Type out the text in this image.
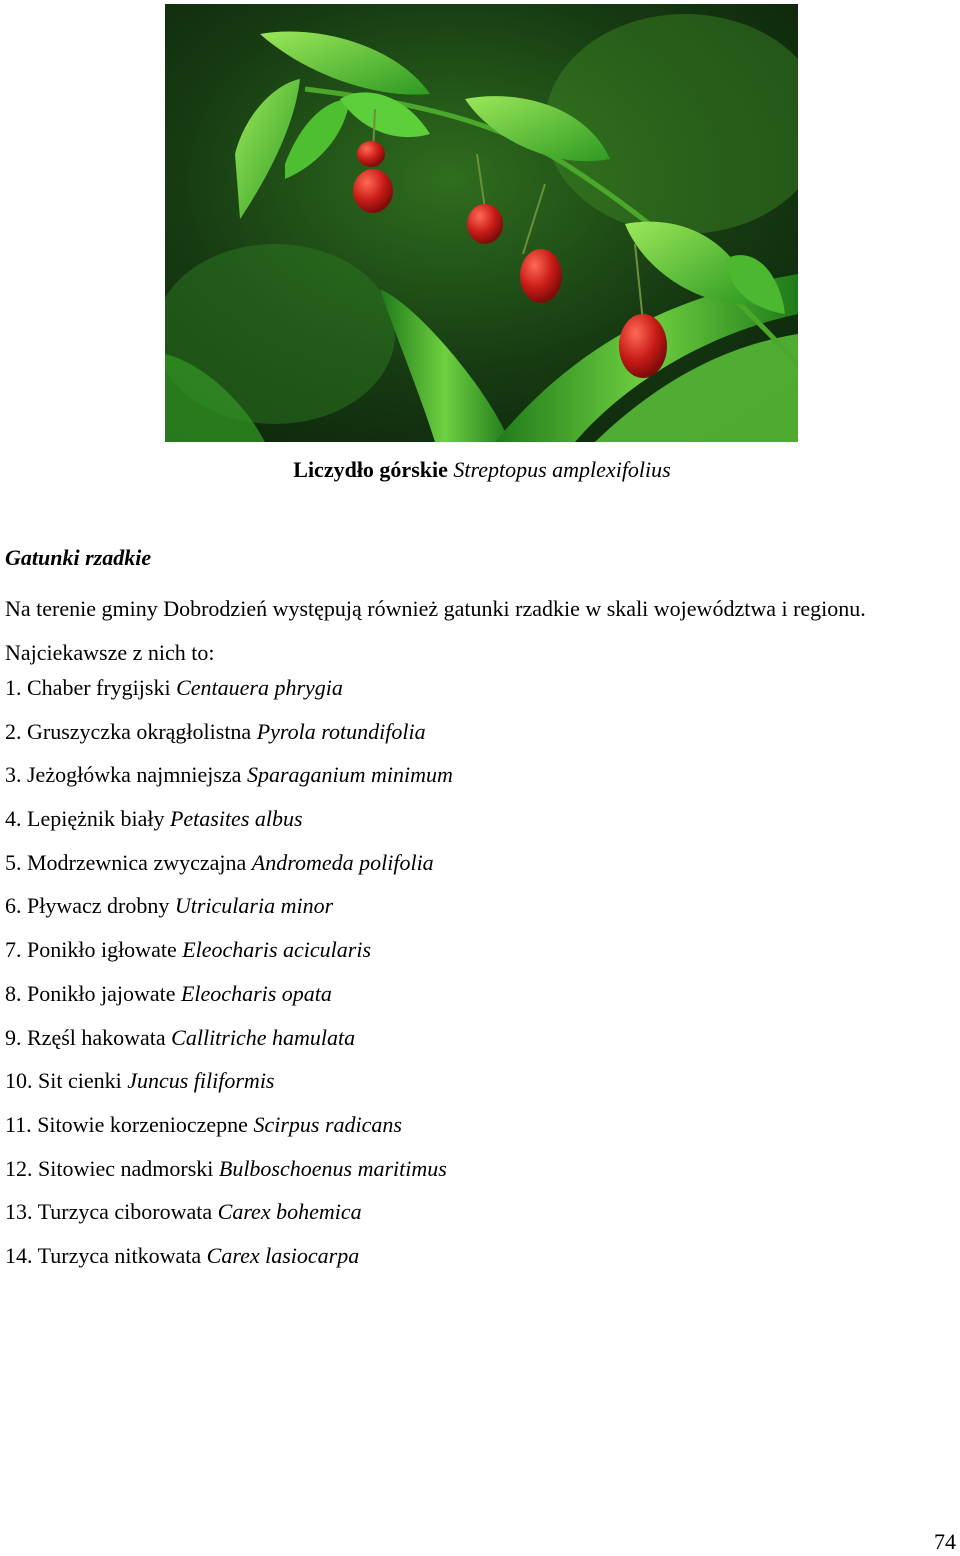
Liczydło górskie Streptopus amplexifolius
Gatunki rzadkie
Na terenie gminy Dobrodzień występują również gatunki rzadkie w skali województwa i regionu. Najciekawsze z nich to:
1. Chaber frygijski Centauera phrygia
2. Gruszyczka okrągłolistna Pyrola rotundifolia
3. Jeżogłówka najmniejsza Sparaganium minimum
4. Lepiężnik biały Petasites albus
5. Modrzewnica zwyczajna Andromeda polifolia
6. Pływacz drobny Utricularia minor
7. Ponikło igłowate Eleocharis acicularis
8. Ponikło jajowate Eleocharis opata
9. Rzęśl hakowata Callitriche hamulata
10. Sit cienki Juncus filiformis
11. Sitowie korzenioczepne Scirpus radicans
12. Sitowiec nadmorski Bulboschoenus maritimus
13. Turzyca ciborowata Carex bohemica
14. Turzyca nitkowata Carex lasiocarpa
74
